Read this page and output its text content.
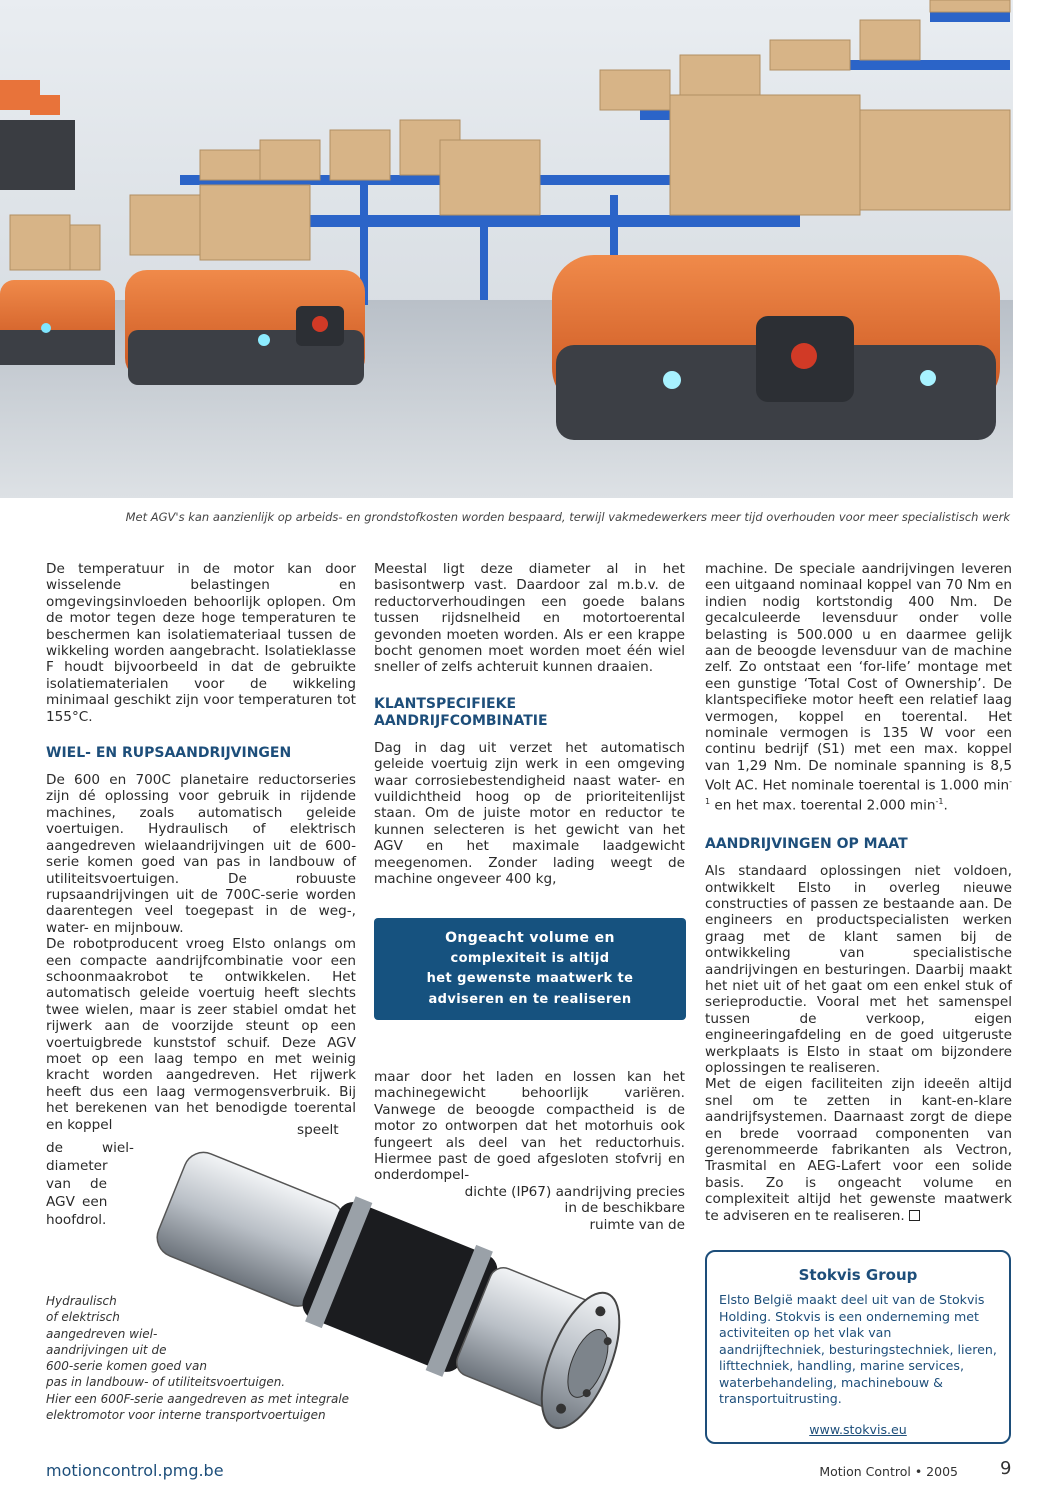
Met AGV's kan aanzienlijk op arbeids- en grondstofkosten worden bespaard, terwijl vakmedewerkers meer tijd overhouden voor meer specialistisch werk

De temperatuur in de motor kan door wisselende belastingen en omgevingsinvloeden behoorlijk oplopen. Om de motor tegen deze hoge temperaturen te beschermen kan isolatiemateriaal tussen de wikkeling worden aangebracht. Isolatieklasse F houdt bijvoorbeeld in dat de gebruikte isolatiematerialen voor de wikkeling minimaal geschikt zijn voor temperaturen tot 155°C.

WIEL- EN RUPSAANDRIJVINGEN

De 600 en 700C planetaire reductorseries zijn dé oplossing voor gebruik in rijdende machines, zoals automatisch geleide voertuigen. Hydraulisch of elektrisch aangedreven wielaandrijvingen uit de 600-serie komen goed van pas in landbouw of utiliteitsvoertuigen. De robuuste rupsaandrijvingen uit de 700C-serie worden daarentegen veel toegepast in de weg-, water- en mijnbouw.

De robotproducent vroeg Elsto onlangs om een compacte aandrijfcombinatie voor een schoonmaakrobot te ontwikkelen. Het automatisch geleide voertuig heeft slechts twee wielen, maar is zeer stabiel omdat het rijwerk aan de voorzijde steunt op een voertuigbrede kunststof schuif. Deze AGV moet op een laag tempo en met weinig kracht worden aangedreven. Het rijwerk heeft dus een laag vermogensverbruik. Bij het berekenen van het benodigde toerental en koppel	speelt
de	wiel-
diameter
van de
AGV een
hoofdrol.

Meestal ligt deze diameter al in het basisontwerp vast. Daardoor zal m.b.v. de reductorverhoudingen een goede balans tussen rijdsnelheid en motortoerental gevonden moeten worden. Als er een krappe bocht genomen moet worden moet één wiel sneller of zelfs achteruit kunnen draaien.

KLANTSPECIFIEKE AANDRIJFCOMBINATIE

Dag in dag uit verzet het automatisch geleide voertuig zijn werk in een omgeving waar corrosiebestendigheid naast water- en vuildichtheid hoog op de prioriteitenlijst staan. Om de juiste motor en reductor te kunnen selecteren is het gewicht van het AGV en het maximale laadgewicht meegenomen. Zonder lading weegt de machine ongeveer 400 kg,

Ongeacht volume en
complexiteit is altijd
het gewenste maatwerk te
adviseren en te realiseren

maar door het laden en lossen kan het machinegewicht behoorlijk variëren. Vanwege de beoogde compactheid is de motor zo ontworpen dat het motorhuis ook fungeert als deel van het reductorhuis. Hiermee past de goed afgesloten stofvrij en onderdompel-

dichte (IP67) aandrijving precies

in de beschikbare

ruimte van de

Hydraulisch
of elektrisch
aangedreven wiel-
aandrijvingen uit de
600-serie komen goed van
pas in landbouw- of utiliteitsvoertuigen.
Hier een 600F-serie aangedreven as met integrale
elektromotor voor interne transportvoertuigen

machine. De speciale aandrijvingen leveren een uitgaand nominaal koppel van 70 Nm en indien nodig kortstondig 400 Nm. De gecalculeerde levensduur onder volle belasting is 500.000 u en daarmee gelijk aan de beoogde levensduur van de machine zelf. Zo ontstaat een ‘for-life’ montage met een gunstige ‘Total Cost of Ownership’. De klantspecifieke motor heeft een relatief laag vermogen, koppel en toerental. Het nominale vermogen is 135 W voor een continu bedrijf (S1) met een max. koppel van 1,29 Nm. De nominale spanning is 8,5 Volt AC. Het nominale toerental is 1.000 $\min^{-1}$ en het max. toerental 2.000 $\min^{-1}$.

AANDRIJVINGEN OP MAAT

Als standaard oplossingen niet voldoen, ontwikkelt Elsto in overleg nieuwe constructies of passen ze bestaande aan. De engineers en productspecialisten werken graag met de klant samen bij de ontwikkeling van specialistische aandrijvingen en besturingen. Daarbij maakt het niet uit of het gaat om een enkel stuk of serieproductie. Vooral met het samenspel tussen de verkoop, eigen engineeringafdeling en de goed uitgeruste werkplaats is Elsto in staat om bijzondere oplossingen te realiseren.

Met de eigen faciliteiten zijn ideeën altijd snel om te zetten in kant-en-klare aandrijfsystemen. Daarnaast zorgt de diepe en brede voorraad componenten van gerenommeerde fabrikanten als Vectron, Trasmital en AEG-Lafert voor een solide basis. Zo is ongeacht volume en complexiteit altijd het gewenste maatwerk te adviseren en te realiseren.

Stokvis Group
Elsto België maakt deel uit van de Stokvis Holding. Stokvis is een onderneming met activiteiten op het vlak van aandrijftechniek, besturingstechniek, lieren, lifttechniek, handling, marine services, waterbehandeling, machinebouw & transportuitrusting.
www.stokvis.eu
motioncontrol.pmg.be	Motion Control • 2005 9
